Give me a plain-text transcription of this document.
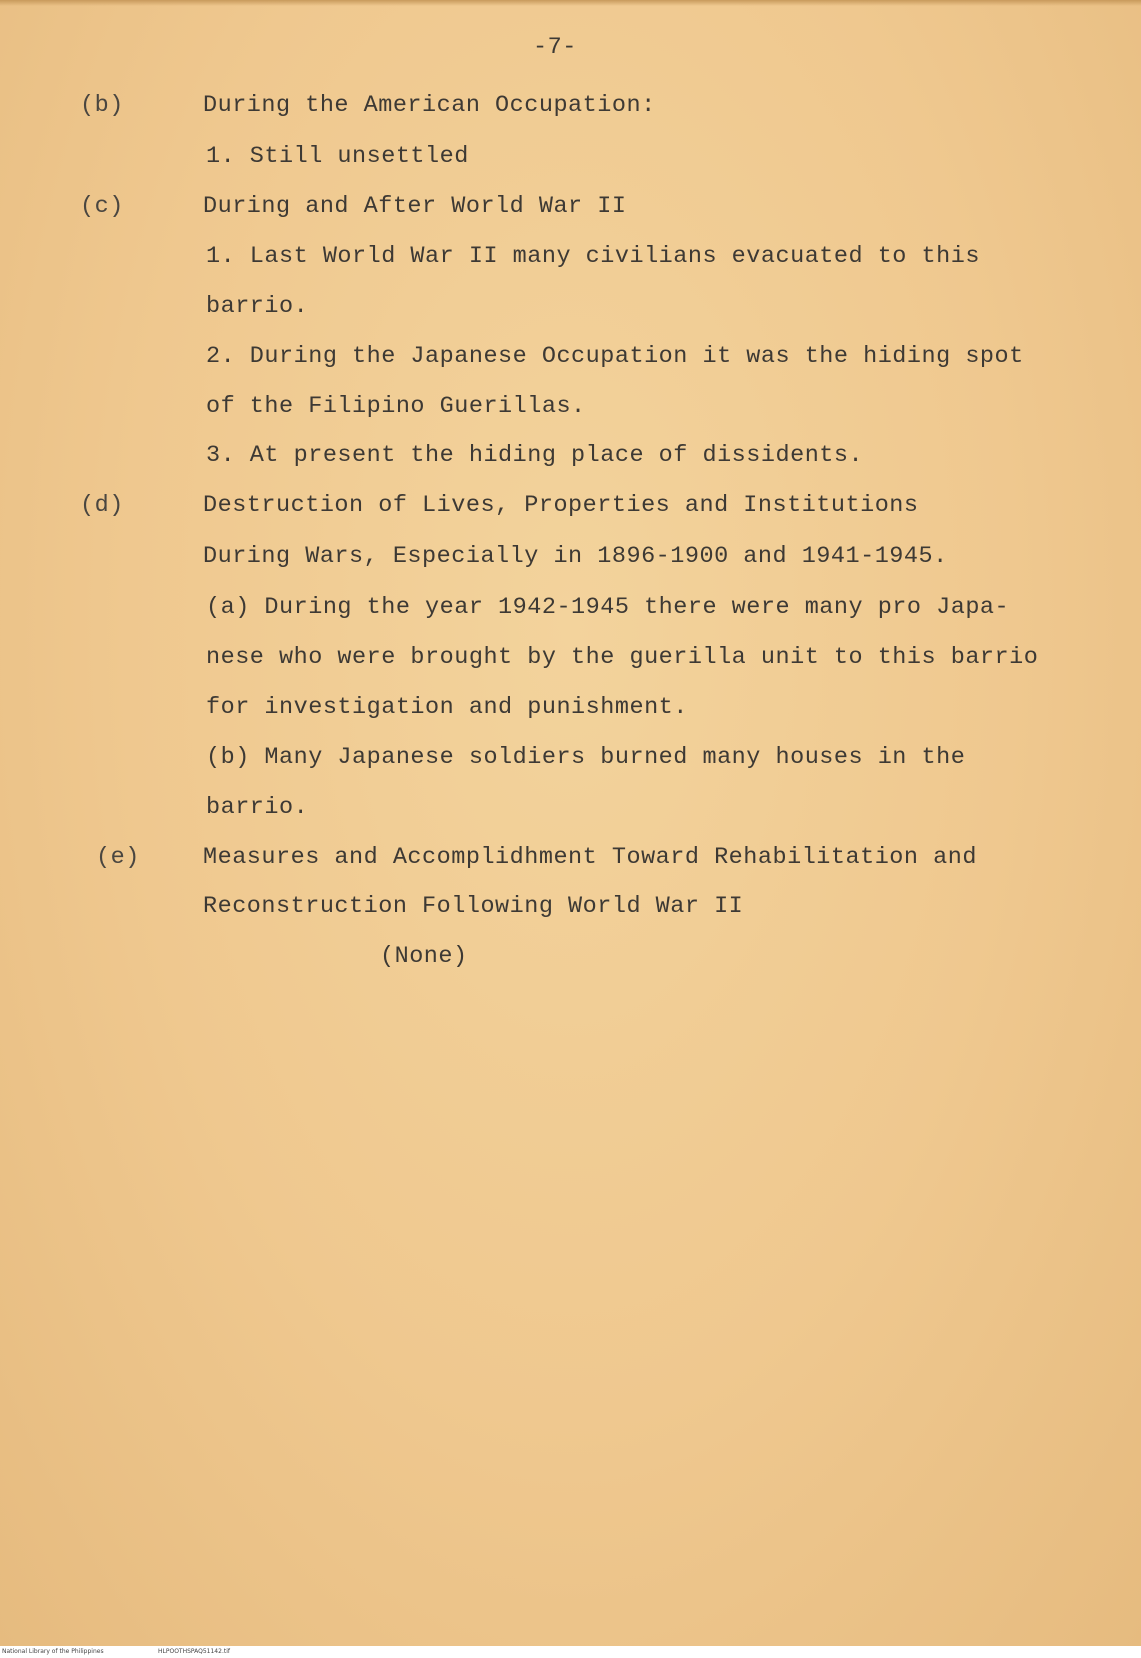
-7-
(b)	During the American Occupation:
1. Still unsettled
(c)	During and After World War II
1. Last World War II many civilians evacuated to this
barrio.
2. During the Japanese Occupation it was the hiding spot
of the Filipino Guerillas.
3. At present the hiding place of dissidents.
(d)	Destruction of Lives, Properties and Institutions
During Wars, Especially in 1896-1900 and 1941-1945.
(a) During the year 1942-1945 there were many pro Japa-
nese who were brought by the guerilla unit to this barrio
for investigation and punishment.
(b) Many Japanese soldiers burned many houses in the
barrio.
(e)	Measures and Accomplidhment Toward Rehabilitation and
Reconstruction Following World War II
(None)
National Library of the Philippines	HLPOOTHSPAQ51142.tif
